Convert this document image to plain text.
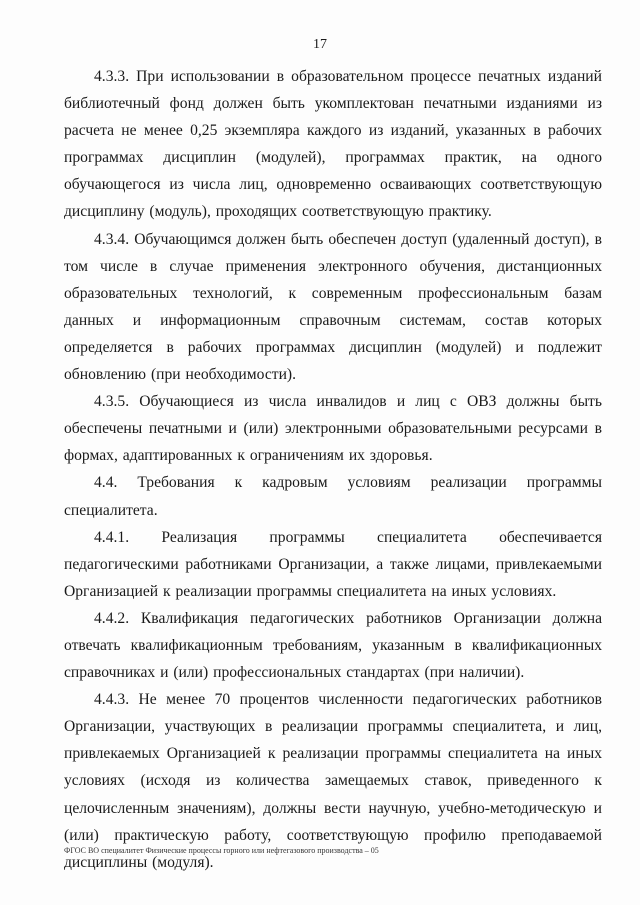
17

4.3.3. При использовании в образовательном процессе печатных изданий библиотечный фонд должен быть укомплектован печатными изданиями из расчета не менее 0,25 экземпляра каждого из изданий, указанных в рабочих программах дисциплин (модулей), программах практик, на одного обучающегося из числа лиц, одновременно осваивающих соответствующую дисциплину (модуль), проходящих соответствующую практику.

4.3.4. Обучающимся должен быть обеспечен доступ (удаленный доступ), в том числе в случае применения электронного обучения, дистанционных образовательных технологий, к современным профессиональным базам данных и информационным справочным системам, состав которых определяется в рабочих программах дисциплин (модулей) и подлежит обновлению (при необходимости).

4.3.5. Обучающиеся из числа инвалидов и лиц с ОВЗ должны быть обеспечены печатными и (или) электронными образовательными ресурсами в формах, адаптированных к ограничениям их здоровья.

4.4. Требования к кадровым условиям реализации программы специалитета.

4.4.1. Реализация программы специалитета обеспечивается педагогическими работниками Организации, а также лицами, привлекаемыми Организацией к реализации программы специалитета на иных условиях.

4.4.2. Квалификация педагогических работников Организации должна отвечать квалификационным требованиям, указанным в квалификационных справочниках и (или) профессиональных стандартах (при наличии).

4.4.3. Не менее 70 процентов численности педагогических работников Организации, участвующих в реализации программы специалитета, и лиц, привлекаемых Организацией к реализации программы специалитета на иных условиях (исходя из количества замещаемых ставок, приведенного к целочисленным значениям), должны вести научную, учебно-методическую и (или) практическую работу, соответствующую профилю преподаваемой дисциплины (модуля).

ФГОС ВО специалитет Физические процессы горного или нефтегазового производства – 05
